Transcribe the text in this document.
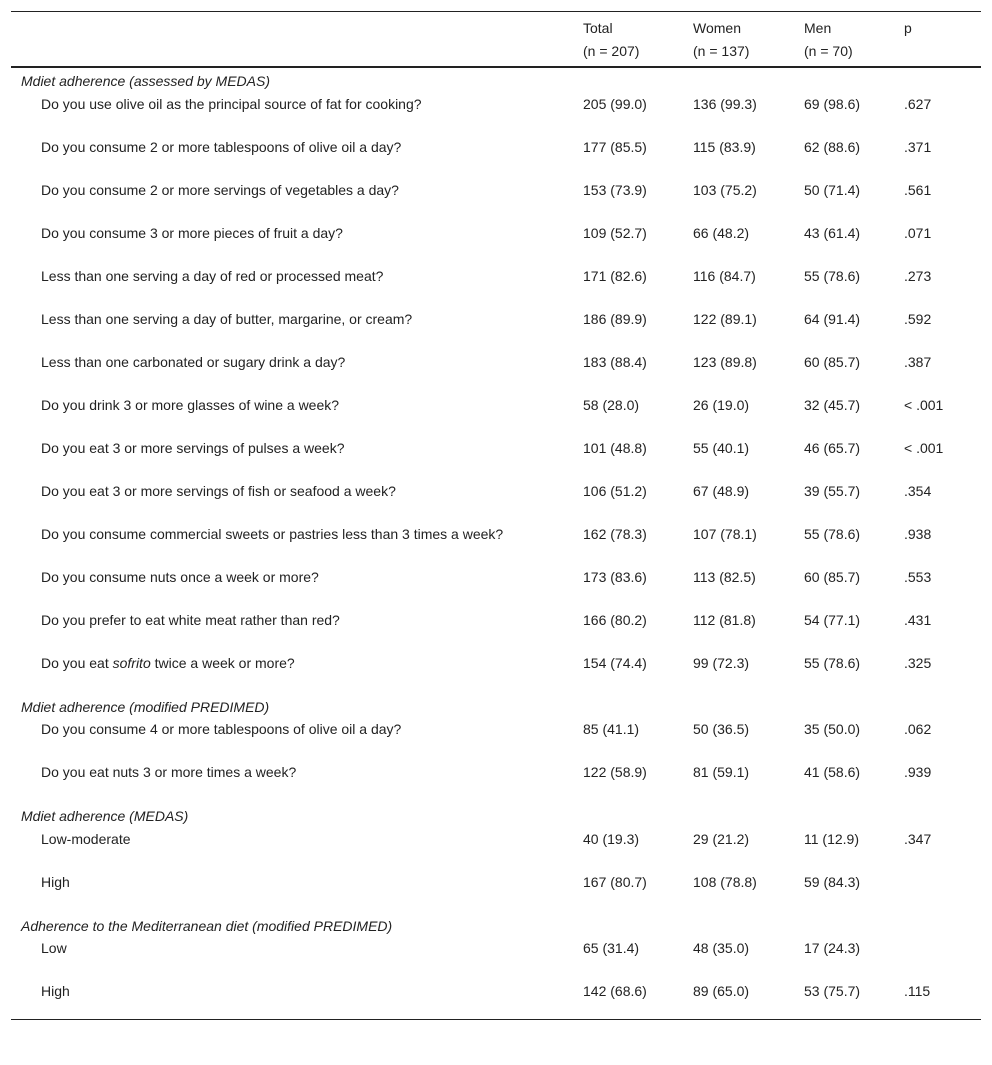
	Total	Women	Men	p
	(n = 207)	(n = 137)	(n = 70)	
Mdiet adherence (assessed by MEDAS)				
Do you use olive oil as the principal source of fat for cooking?	205 (99.0)	136 (99.3)	69 (98.6)	.627
Do you consume 2 or more tablespoons of olive oil a day?	177 (85.5)	115 (83.9)	62 (88.6)	.371
Do you consume 2 or more servings of vegetables a day?	153 (73.9)	103 (75.2)	50 (71.4)	.561
Do you consume 3 or more pieces of fruit a day?	109 (52.7)	66 (48.2)	43 (61.4)	.071
Less than one serving a day of red or processed meat?	171 (82.6)	116 (84.7)	55 (78.6)	.273
Less than one serving a day of butter, margarine, or cream?	186 (89.9)	122 (89.1)	64 (91.4)	.592
Less than one carbonated or sugary drink a day?	183 (88.4)	123 (89.8)	60 (85.7)	.387
Do you drink 3 or more glasses of wine a week?	58 (28.0)	26 (19.0)	32 (45.7)	< .001
Do you eat 3 or more servings of pulses a week?	101 (48.8)	55 (40.1)	46 (65.7)	< .001
Do you eat 3 or more servings of fish or seafood a week?	106 (51.2)	67 (48.9)	39 (55.7)	.354
Do you consume commercial sweets or pastries less than 3 times a week?	162 (78.3)	107 (78.1)	55 (78.6)	.938
Do you consume nuts once a week or more?	173 (83.6)	113 (82.5)	60 (85.7)	.553
Do you prefer to eat white meat rather than red?	166 (80.2)	112 (81.8)	54 (77.1)	.431
Do you eat sofrito twice a week or more?	154 (74.4)	99 (72.3)	55 (78.6)	.325
Mdiet adherence (modified PREDIMED)				
Do you consume 4 or more tablespoons of olive oil a day?	85 (41.1)	50 (36.5)	35 (50.0)	.062
Do you eat nuts 3 or more times a week?	122 (58.9)	81 (59.1)	41 (58.6)	.939
Mdiet adherence (MEDAS)				
Low-moderate	40 (19.3)	29 (21.2)	11 (12.9)	.347
High	167 (80.7)	108 (78.8)	59 (84.3)	
Adherence to the Mediterranean diet (modified PREDIMED)				
Low	65 (31.4)	48 (35.0)	17 (24.3)	
High	142 (68.6)	89 (65.0)	53 (75.7)	.115
